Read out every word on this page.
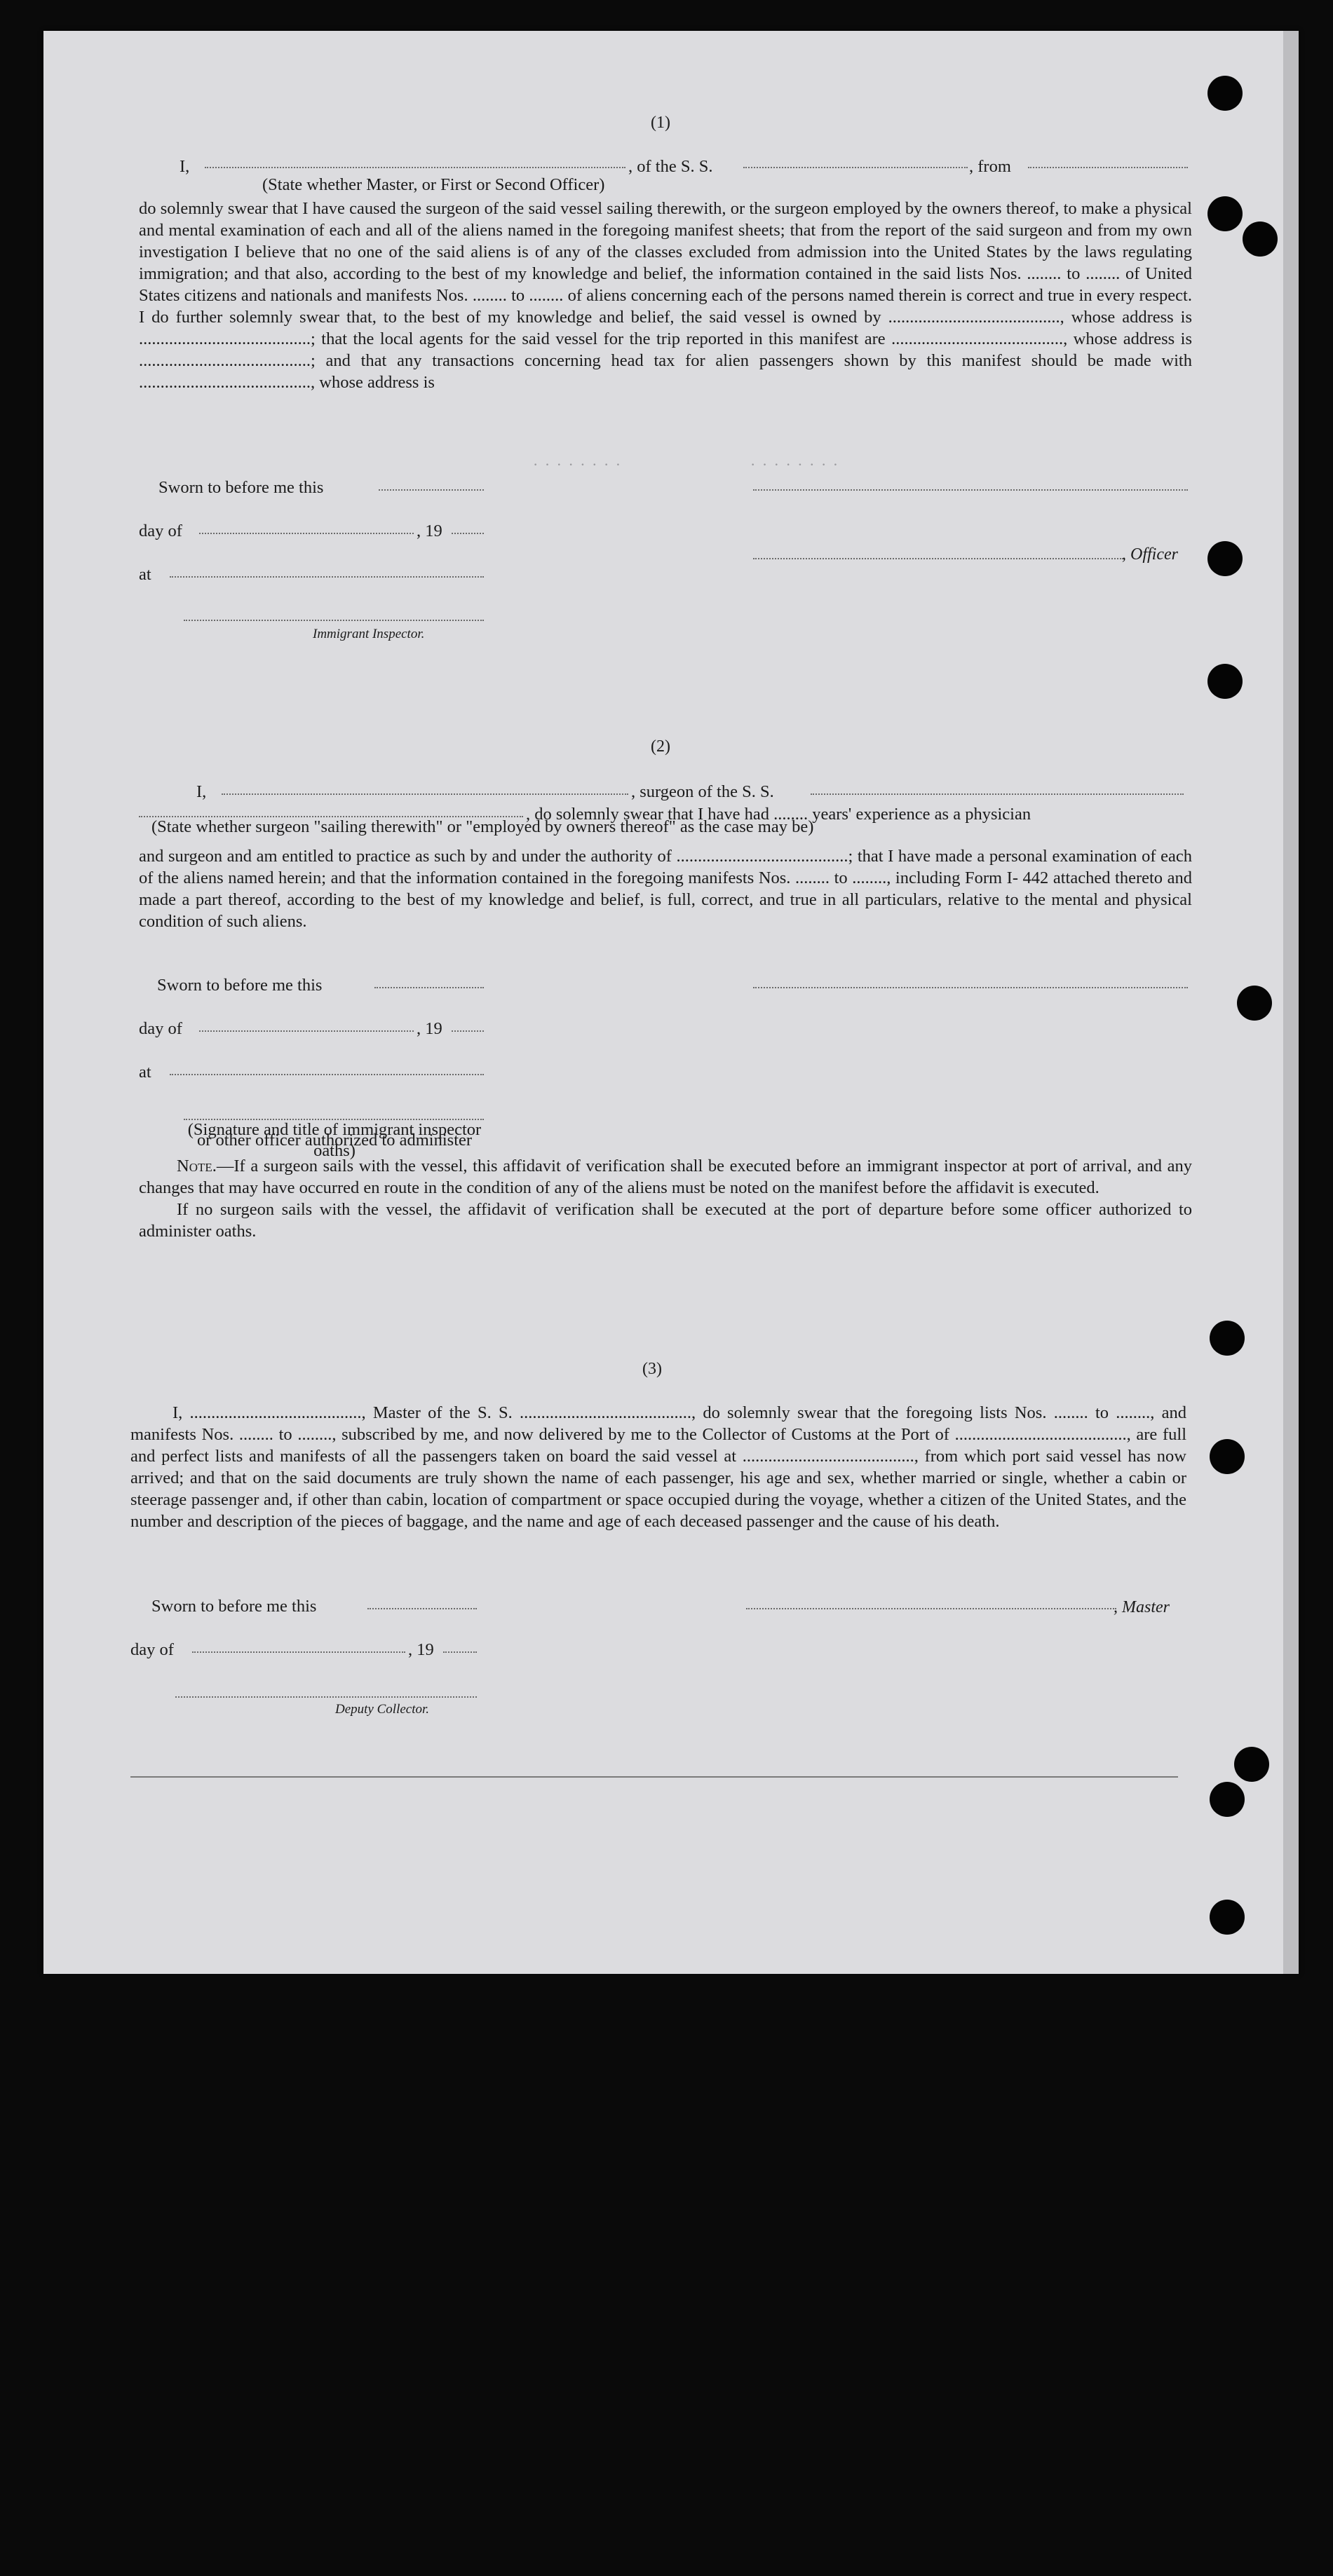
· · · · · · · ·	· · · · · · · ·
(1)
I,
(State whether Master, or First or Second Officer)
, of the S. S.	, from

do solemnly swear that I have caused the surgeon of the said vessel sailing therewith, or the surgeon employed by the owners thereof, to make a physical and mental examination of each and all of the aliens named in the foregoing manifest sheets; that from the report of the said surgeon and from my own investigation I believe that no one of the said aliens is of any of the classes excluded from admission into the United States by the laws regulating immigration; and that also, according to the best of my knowledge and belief, the information contained in the said lists Nos. ........ to ........ of United States citizens and nationals and manifests Nos. ........ to ........ of aliens concerning each of the persons named therein is correct and true in every respect. I do further solemnly swear that, to the best of my knowledge and belief, the said vessel is owned by ........................................, whose address is ........................................; that the local agents for the said vessel for the trip reported in this manifest are ........................................, whose address is ........................................; and that any transactions concerning head tax for alien passengers shown by this manifest should be made with ........................................, whose address is

Sworn to before me this
day of	, 19
, Officer
at
Immigrant Inspector.
(2)
I,	, surgeon of the S. S.
, do solemnly swear that I have had ........ years' experience as a physician
(State whether surgeon "sailing therewith" or "employed by owners thereof" as the case may be)

and surgeon and am entitled to practice as such by and under the authority of ........................................; that I have made a personal examination of each of the aliens named herein; and that the information contained in the foregoing manifests Nos. ........ to ........, including Form I- 442 attached thereto and made a part thereof, according to the best of my knowledge and belief, is full, correct, and true in all particulars, relative to the mental and physical condition of such aliens.

Sworn to before me this
day of	, 19
at
(Signature and title of immigrant inspector or other officer authorized to administer oaths)

Note.—If a surgeon sails with the vessel, this affidavit of verification shall be executed before an immigrant inspector at port of arrival, and any changes that may have occurred en route in the condition of any of the aliens must be noted on the manifest before the affidavit is executed.

If no surgeon sails with the vessel, the affidavit of verification shall be executed at the port of departure before some officer authorized to administer oaths.

(3)

I, ........................................, Master of the S. S. ........................................, do solemnly swear that the foregoing lists Nos. ........ to ........, and manifests Nos. ........ to ........, subscribed by me, and now delivered by me to the Collector of Customs at the Port of ........................................, are full and perfect lists and manifests of all the passengers taken on board the said vessel at ........................................, from which port said vessel has now arrived; and that on the said documents are truly shown the name of each passenger, his age and sex, whether married or single, whether a cabin or steerage passenger and, if other than cabin, location of compartment or space occupied during the voyage, whether a citizen of the United States, and the number and description of the pieces of baggage, and the name and age of each deceased passenger and the cause of his death.

Sworn to before me this	, Master
day of	, 19
Deputy Collector.
